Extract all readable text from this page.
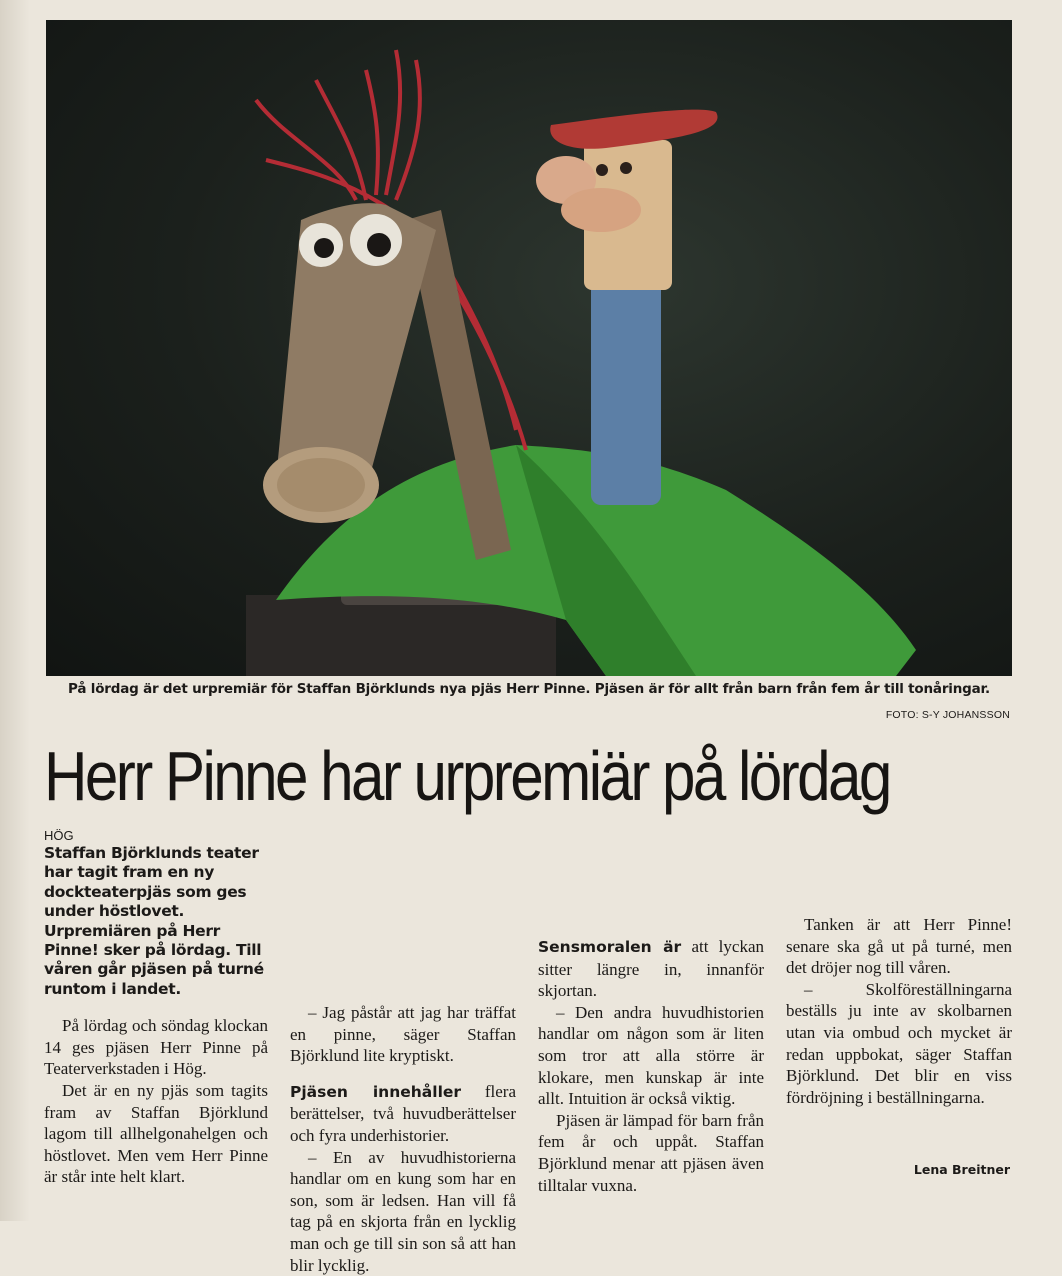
På lördag är det urpremiär för Staffan Björklunds nya pjäs Herr Pinne. Pjäsen är för allt från barn från fem år till tonåringar.
FOTO: S-Y JOHANSSON
Herr Pinne har urpremiär på lördag
HÖG
Staffan Björklunds teater har tagit fram en ny dockteaterpjäs som ges under höstlovet. Urpremiären på Herr Pinne! sker på lördag. Till våren går pjäsen på turné runtom i landet.

På lördag och söndag klockan 14 ges pjäsen Herr Pinne på Teaterverkstaden i Hög.

Det är en ny pjäs som tagits fram av Staffan Björklund lagom till allhelgonahelgen och höstlovet. Men vem Herr Pinne är står inte helt klart.

– Jag påstår att jag har träffat en pinne, säger Staffan Björklund lite kryptiskt.

Pjäsen innehåller flera berättelser, två huvudberättelser och fyra underhistorier.

– En av huvudhistorierna handlar om en kung som har en son, som är ledsen. Han vill få tag på en skjorta från en lycklig man och ge till sin son så att han blir lycklig.

Sensmoralen är att lyckan sitter längre in, innanför skjortan.

– Den andra huvudhistorien handlar om någon som är liten som tror att alla större är klokare, men kunskap är inte allt. Intuition är också viktig.

Pjäsen är lämpad för barn från fem år och uppåt. Staffan Björklund menar att pjäsen även tilltalar vuxna.

Tanken är att Herr Pinne! senare ska gå ut på turné, men det dröjer nog till våren.

– Skolföreställningarna beställs ju inte av skolbarnen utan via ombud och mycket är redan uppbokat, säger Staffan Björklund. Det blir en viss fördröjning i beställningarna.

Lena Breitner
